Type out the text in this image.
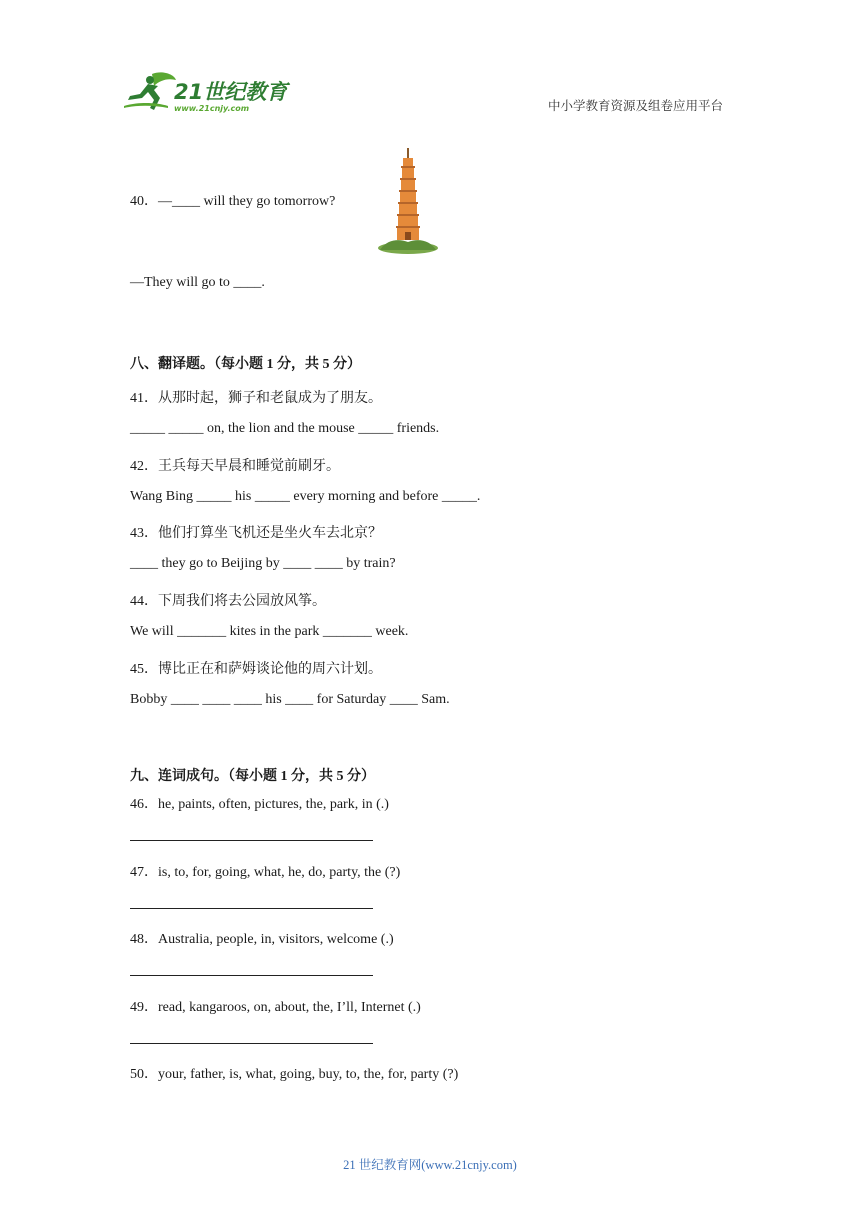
21世纪教育
www.21cnjy.com	中小学教育资源及组卷应用平台
40．—____ will they go tomorrow?
—They will go to ____.
八、翻译题。（每小题 1 分，共 5 分）
41．从那时起，狮子和老鼠成为了朋友。
_____ _____ on, the lion and the mouse _____ friends.
42．王兵每天早晨和睡觉前刷牙。
Wang Bing _____ his _____ every morning and before _____.
43．他们打算坐飞机还是坐火车去北京？
____ they go to Beijing by ____ ____ by train?
44．下周我们将去公园放风筝。
We will _______ kites in the park _______ week.
45．博比正在和萨姆谈论他的周六计划。
Bobby ____ ____ ____ his ____ for Saturday ____ Sam.
九、连词成句。（每小题 1 分，共 5 分）
46．he, paints, often, pictures, the, park, in (.)
47．is, to, for, going, what, he, do, party, the (?)
48．Australia, people, in, visitors, welcome (.)
49．read, kangaroos, on, about, the, I’ll, Internet (.)
50．your, father, is, what, going, buy, to, the, for, party (?)
21 世纪教育网(www.21cnjy.com)
